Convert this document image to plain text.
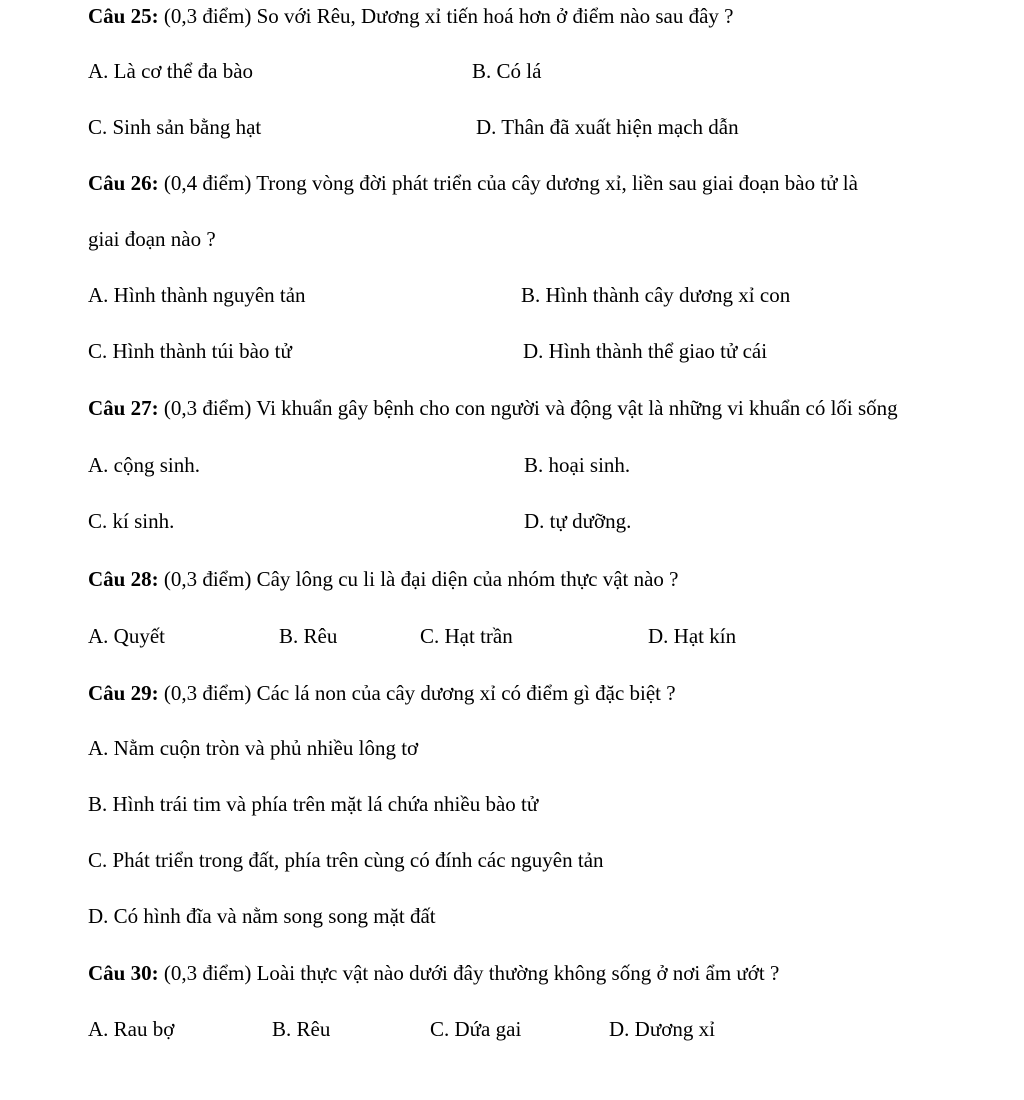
Câu 25: (0,3 điểm) So với Rêu, Dương xỉ tiến hoá hơn ở điểm nào sau đây ?
A. Là cơ thể đa bào	B. Có lá
C. Sinh sản bằng hạt	D. Thân đã xuất hiện mạch dẫn
Câu 26: (0,4 điểm) Trong vòng đời phát triển của cây dương xỉ, liền sau giai đoạn bào tử là
giai đoạn nào ?
A. Hình thành nguyên tản	B. Hình thành cây dương xỉ con
C. Hình thành túi bào tử	D. Hình thành thể giao tử cái
Câu 27: (0,3 điểm) Vi khuẩn gây bệnh cho con người và động vật là những vi khuẩn có lối sống
A. cộng sinh.	B. hoại sinh.
C. kí sinh.	D. tự dưỡng.
Câu 28: (0,3 điểm) Cây lông cu li là đại diện của nhóm thực vật nào ?
A. Quyết	B. Rêu	C. Hạt trần	D. Hạt kín
Câu 29: (0,3 điểm) Các lá non của cây dương xỉ có điểm gì đặc biệt ?
A. Nằm cuộn tròn và phủ nhiều lông tơ
B. Hình trái tim và phía trên mặt lá chứa nhiều bào tử
C. Phát triển trong đất, phía trên cùng có đính các nguyên tản
D. Có hình đĩa và nằm song song mặt đất
Câu 30: (0,3 điểm) Loài thực vật nào dưới đây thường không sống ở nơi ẩm ướt ?
A. Rau bợ	B. Rêu	C. Dứa gai	D. Dương xỉ
